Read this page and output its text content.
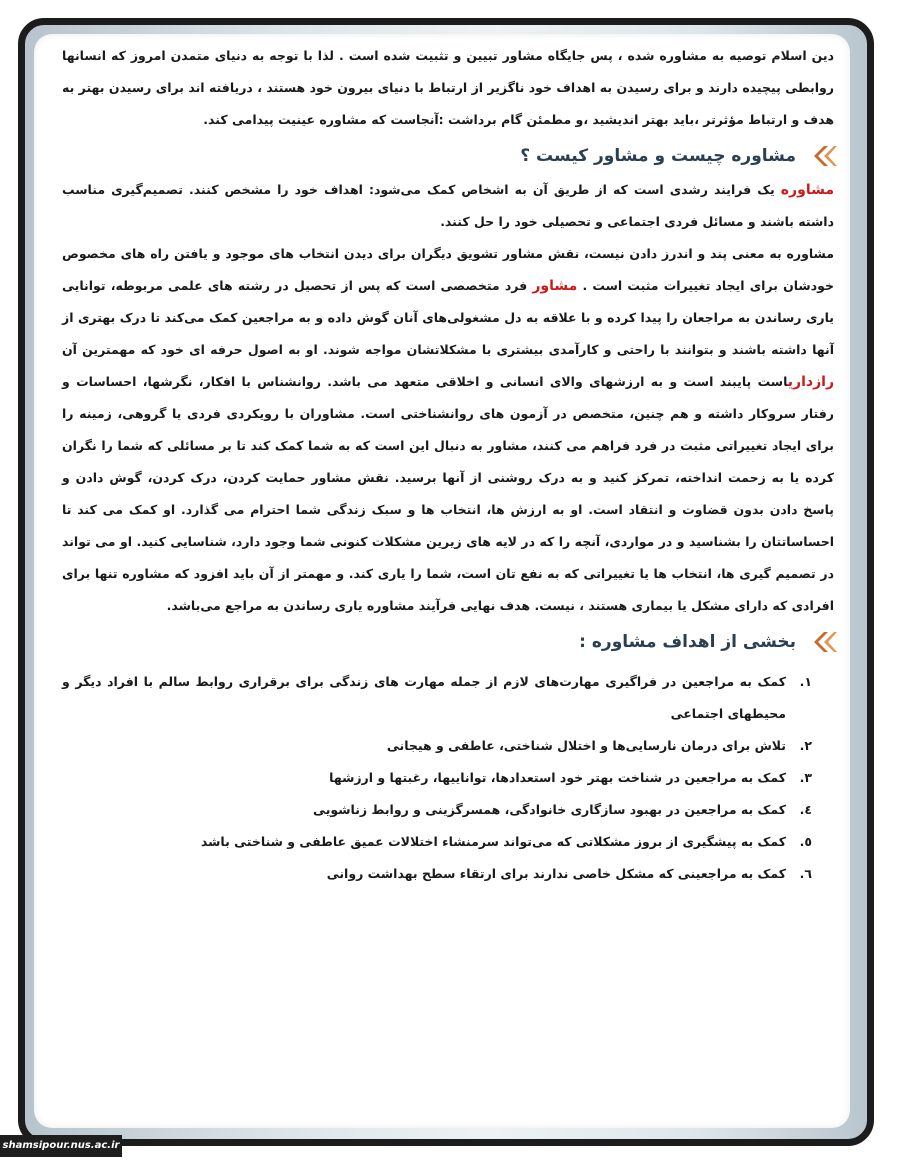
دین اسلام توصیه به مشاوره شده ، پس جایگاه مشاور تبیین و تثبیت شده است . لذا با توجه به دنیای متمدن امروز که انسانها روابطی پیچیده دارند و برای رسیدن به اهداف خود ناگزیر از ارتباط با دنیای بیرون خود هستند ، دریافته اند برای رسیدن بهتر به هدف و ارتباط مؤثرتر ،باید بهتر اندیشید ،و مطمئن گام برداشت :آنجاست که مشاوره عینیت پیدامی کند.

مشاوره چیست و مشاور کیست ؟

مشاوره یک فرایند رشدی است که از طریق آن به اشخاص کمک می‌شود: اهداف خود را مشخص کنند. تصمیم‌گیری مناسب داشته باشند و مسائل فردی اجتماعی و تحصیلی خود را حل کنند.

مشاوره به معنی پند و اندرز دادن نیست، نقش مشاور تشویق دیگران برای دیدن انتخاب های موجود و یافتن راه های مخصوص خودشان برای ایجاد تغییرات مثبت است . مشاور فرد متخصصی است که پس از تحصیل در رشته های علمی مربوطه، توانایی یاری رساندن به مراجعان را پیدا کرده و با علاقه به دل مشغولی‌های آنان گوش داده و به مراجعین کمک می‌کند تا درک بهتری از آنها داشته باشند و بتوانند با راحتی و کارآمدی بیشتری با مشکلاتشان مواجه شوند. او به اصول حرفه ای خود که مهمترین آن رازداریاست پایبند است و به ارزشهای والای انسانی و اخلاقی متعهد می باشد. روانشناس با افکار، نگرشها، احساسات و رفتار سروکار داشته و هم چنین، متخصص در آزمون های روانشناختی است. مشاوران با رویکردی فردی یا گروهی، زمینه را برای ایجاد تغییراتی مثبت در فرد فراهم می کنند، مشاور به دنبال این است که به شما کمک کند تا بر مسائلی که شما را نگران کرده یا به زحمت انداخته، تمرکز کنید و به درک روشنی از آنها برسید. نقش مشاور حمایت کردن، درک کردن، گوش دادن و پاسخ دادن بدون قضاوت و انتقاد است. او به ارزش ها، انتخاب ها و سبک زندگی شما احترام می گذارد. او کمک می کند تا احساساتتان را بشناسید و در مواردی، آنچه را که در لایه های زیرین مشکلات کنونی شما وجود دارد، شناسایی کنید. او می تواند در تصمیم گیری ها، انتخاب ها یا تغییراتی که به نفع تان است، شما را یاری کند. و مهمتر از آن باید افزود که مشاوره تنها برای افرادی که دارای مشکل یا بیماری هستند ، نیست. هدف نهایی فرآیند مشاوره یاری رساندن به مراجع می‌باشد.

بخشی از اهداف مشاوره :
۱.
کمک به مراجعین در فراگیری مهارت‌های لازم از جمله مهارت های زندگی برای برقراری روابط سالم با افراد دیگر و محیطهای اجتماعی
۲.
تلاش برای درمان نارسایی‌ها و اختلال شناختی، عاطفی و هیجانی
۳.
کمک به مراجعین در شناخت بهتر خود استعدادها، تواناییها، رغبتها و ارزشها
٤.
کمک به مراجعین در بهبود سازگاری خانوادگی، همسرگزینی و روابط زناشویی
٥.
کمک به پیشگیری از بروز مشکلاتی که می‌تواند سرمنشاء اختلالات عمیق عاطفی و شناختی باشد
٦.
کمک به مراجعینی که مشکل خاصی ندارند برای ارتقاء سطح بهداشت روانی
shamsipour.nus.ac.ir
